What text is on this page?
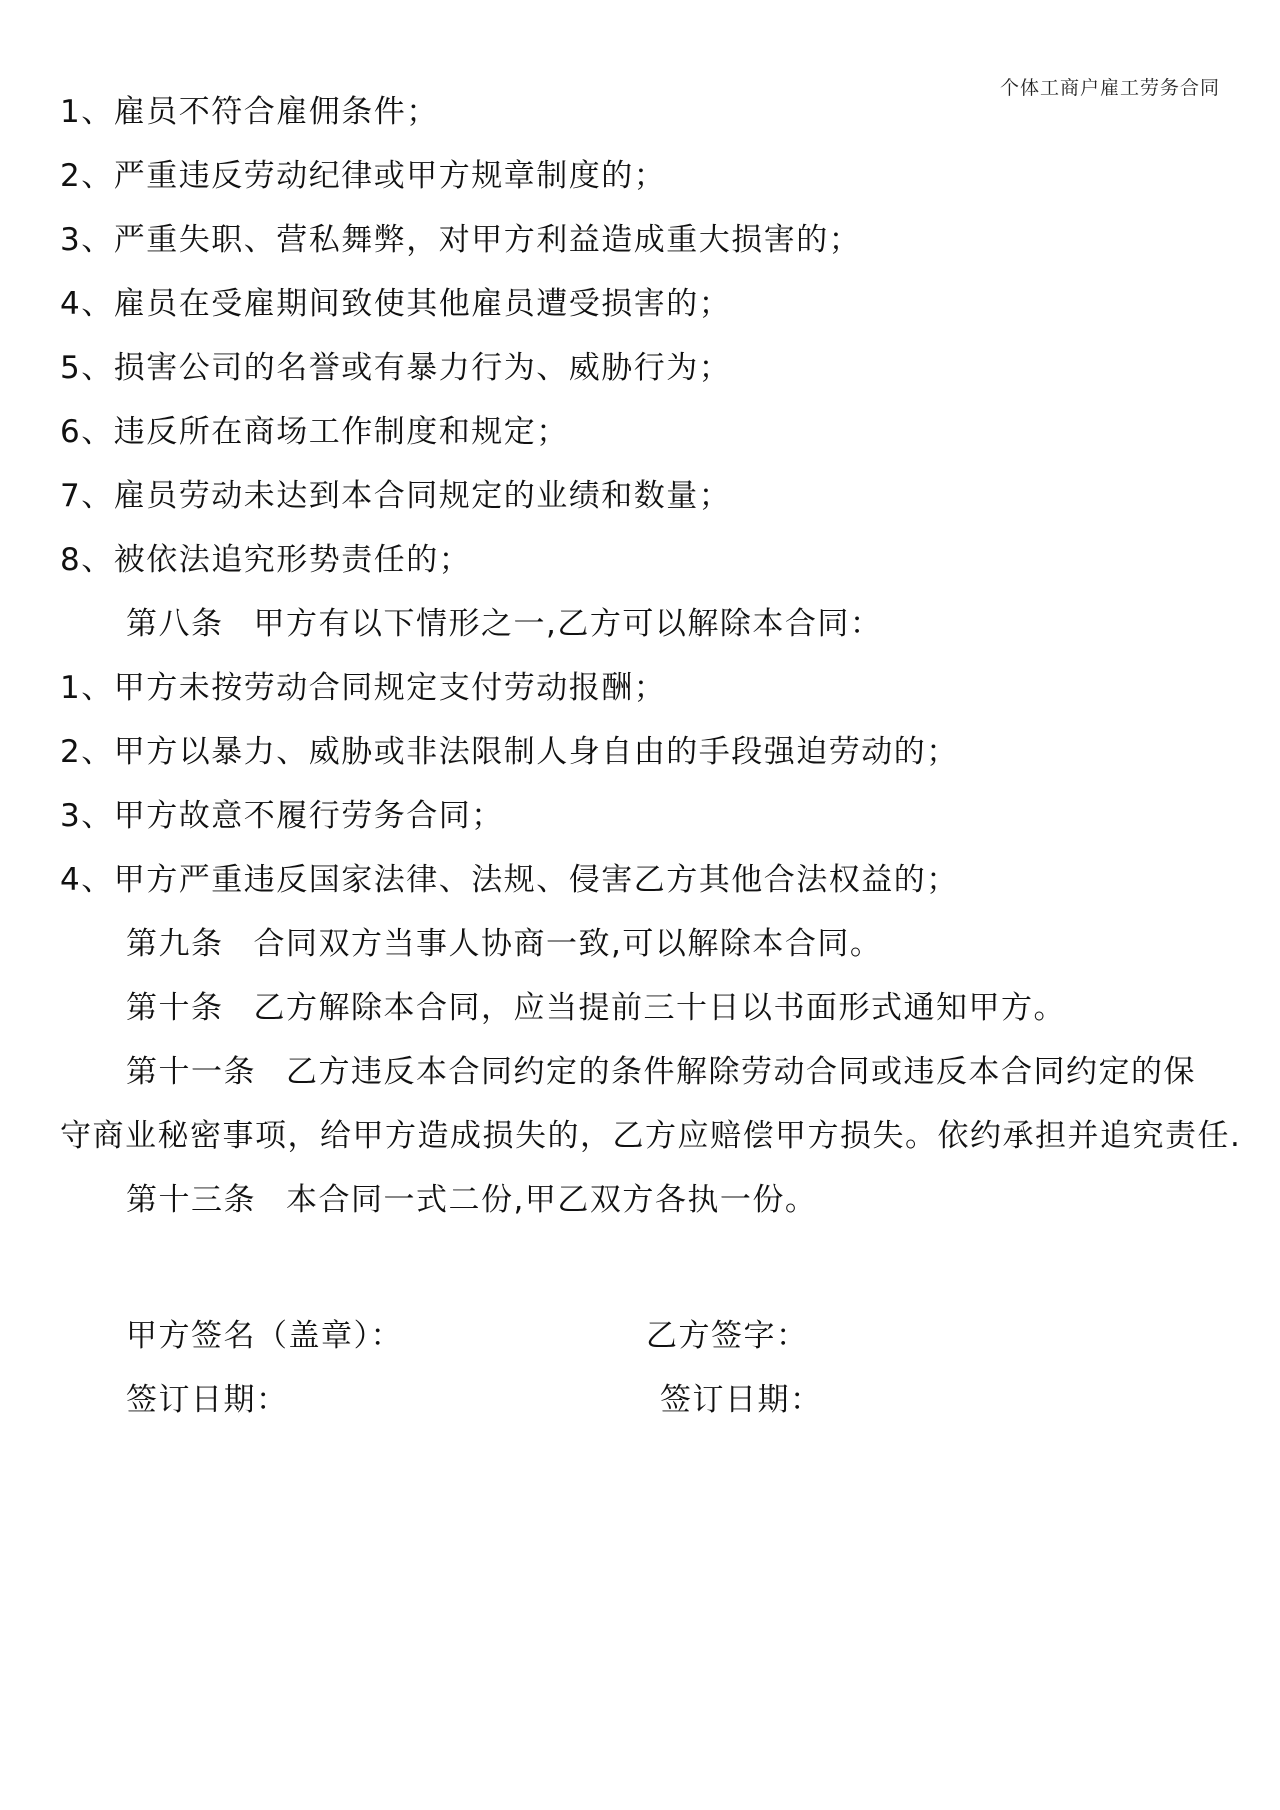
个体工商户雇工劳务合同
1、雇员不符合雇佣条件；
2、严重违反劳动纪律或甲方规章制度的；
3、严重失职、营私舞弊，对甲方利益造成重大损害的；
4、雇员在受雇期间致使其他雇员遭受损害的；
5、损害公司的名誉或有暴力行为、威胁行为；
6、违反所在商场工作制度和规定；
7、雇员劳动未达到本合同规定的业绩和数量；
8、被依法追究形势责任的；
第八条 甲方有以下情形之一,乙方可以解除本合同：
1、甲方未按劳动合同规定支付劳动报酬；
2、甲方以暴力、威胁或非法限制人身自由的手段强迫劳动的；
3、甲方故意不履行劳务合同；
4、甲方严重违反国家法律、法规、侵害乙方其他合法权益的；
第九条 合同双方当事人协商一致,可以解除本合同。
第十条 乙方解除本合同，应当提前三十日以书面形式通知甲方。
第十一条 乙方违反本合同约定的条件解除劳动合同或违反本合同约定的保
守商业秘密事项，给甲方造成损失的，乙方应赔偿甲方损失。依约承担并追究责任.
第十三条 本合同一式二份,甲乙双方各执一份。
甲方签名（盖章）：	乙方签字：
签订日期：	签订日期：
